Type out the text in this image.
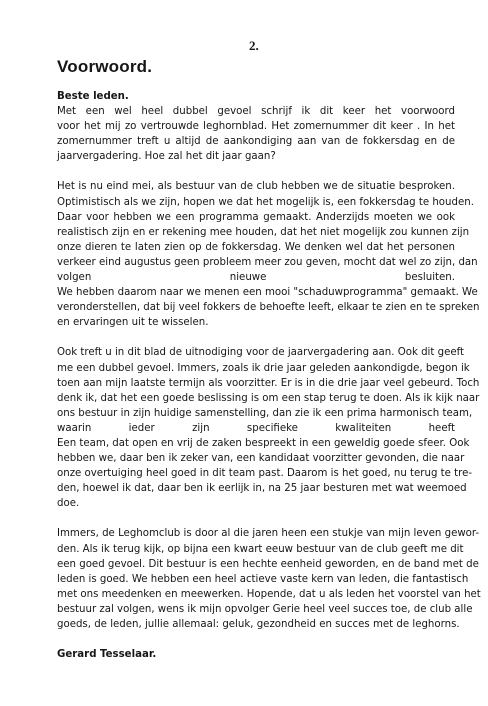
2.
Voorwoord.

Beste leden.

Met een wel heel dubbel gevoel schrijf ik dit keer het voorwoord
voor het mij zo vertrouwde leghornblad. Het zomernummer dit keer . In het
zomernummer treft u altijd de aankondiging aan van de fokkersdag en de
jaarvergadering. Hoe zal het dit jaar gaan?

Het is nu eind mei, als bestuur van de club hebben we de situatie besproken.
Optimistisch als we zijn, hopen we dat het mogelijk is, een fokkersdag te houden.
Daar voor hebben we een programma gemaakt. Anderzijds moeten we ook
realistisch zijn en er rekening mee houden, dat het niet mogelijk zou kunnen zijn
onze dieren te laten zien op de fokkersdag. We denken wel dat het personen
verkeer eind augustus geen probleem meer zou geven, mocht dat wel zo zijn, dan
volgen nieuwe besluiten.
We hebben daarom naar we menen een mooi "schaduwprogramma" gemaakt. We
veronderstellen, dat bij veel fokkers de behoefte leeft, elkaar te zien en te spreken
en ervaringen uit te wisselen.

Ook treft u in dit blad de uitnodiging voor de jaarvergadering aan. Ook dit geeft
me een dubbel gevoel. Immers, zoals ik drie jaar geleden aankondigde, begon ik
toen aan mijn laatste termijn als voorzitter. Er is in die drie jaar veel gebeurd. Toch
denk ik, dat het een goede beslissing is om een stap terug te doen. Als ik kijk naar
ons bestuur in zijn huidige samenstelling, dan zie ik een prima harmonisch team,
waarin ieder zijn specifieke kwaliteiten heeft
Een team, dat open en vrij de zaken bespreekt in een geweldig goede sfeer. Ook
hebben we, daar ben ik zeker van, een kandidaat voorzitter gevonden, die naar
onze overtuiging heel goed in dit team past. Daarom is het goed, nu terug te tre-
den, hoewel ik dat, daar ben ik eerlijk in, na 25 jaar besturen met wat weemoed
doe.

Immers, de Leghomclub is door al die jaren heen een stukje van mijn leven gewor-
den. Als ik terug kijk, op bijna een kwart eeuw bestuur van de club geeft me dit
een goed gevoel. Dit bestuur is een hechte eenheid geworden, en de band met de
leden is goed. We hebben een heel actieve vaste kern van leden, die fantastisch
met ons meedenken en meewerken. Hopende, dat u als leden het voorstel van het
bestuur zal volgen, wens ik mijn opvolger Gerie heel veel succes toe, de club alle
goeds, de leden, jullie allemaal: geluk, gezondheid en succes met de leghorns.

Gerard Tesselaar.
